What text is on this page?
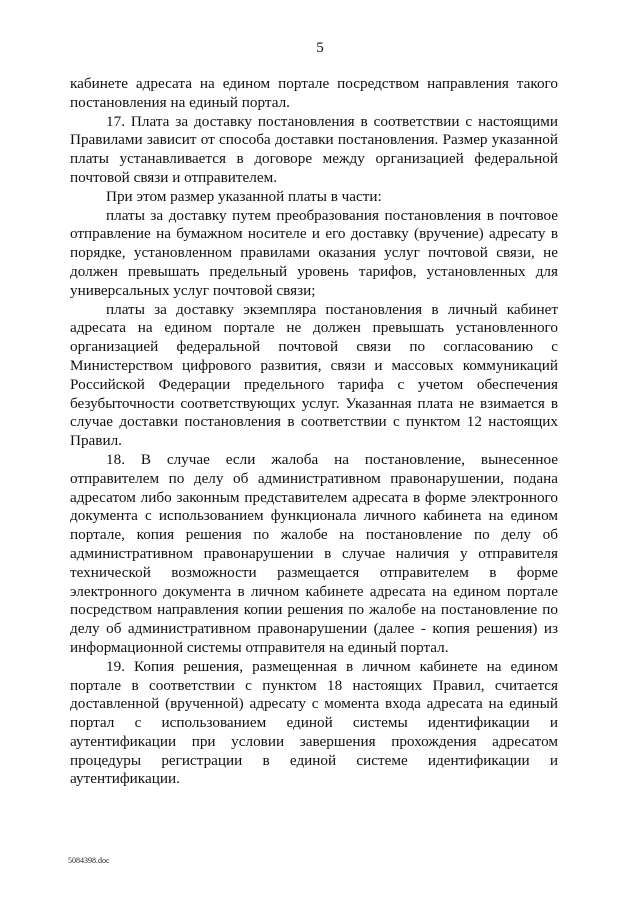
5

кабинете адресата на едином портале посредством направления такого постановления на единый портал.

17. Плата за доставку постановления в соответствии с настоящими Правилами зависит от способа доставки постановления. Размер указанной платы устанавливается в договоре между организацией федеральной почтовой связи и отправителем.

При этом размер указанной платы в части:

платы за доставку путем преобразования постановления в почтовое отправление на бумажном носителе и его доставку (вручение) адресату в порядке, установленном правилами оказания услуг почтовой связи, не должен превышать предельный уровень тарифов, установленных для универсальных услуг почтовой связи;

платы за доставку экземпляра постановления в личный кабинет адресата на едином портале не должен превышать установленного организацией федеральной почтовой связи по согласованию с Министерством цифрового развития, связи и массовых коммуникаций Российской Федерации предельного тарифа с учетом обеспечения безубыточности соответствующих услуг. Указанная плата не взимается в случае доставки постановления в соответствии с пунктом 12 настоящих Правил.

18. В случае если жалоба на постановление, вынесенное отправителем по делу об административном правонарушении, подана адресатом либо законным представителем адресата в форме электронного документа с использованием функционала личного кабинета на едином портале, копия решения по жалобе на постановление по делу об административном правонарушении в случае наличия у отправителя технической возможности размещается отправителем в форме электронного документа в личном кабинете адресата на едином портале посредством направления копии решения по жалобе на постановление по делу об административном правонарушении (далее - копия решения) из информационной системы отправителя на единый портал.

19. Копия решения, размещенная в личном кабинете на едином портале в соответствии с пунктом 18 настоящих Правил, считается доставленной (врученной) адресату с момента входа адресата на единый портал с использованием единой системы идентификации и аутентификации при условии завершения прохождения адресатом процедуры регистрации в единой системе идентификации и аутентификации.

5084398.doc
